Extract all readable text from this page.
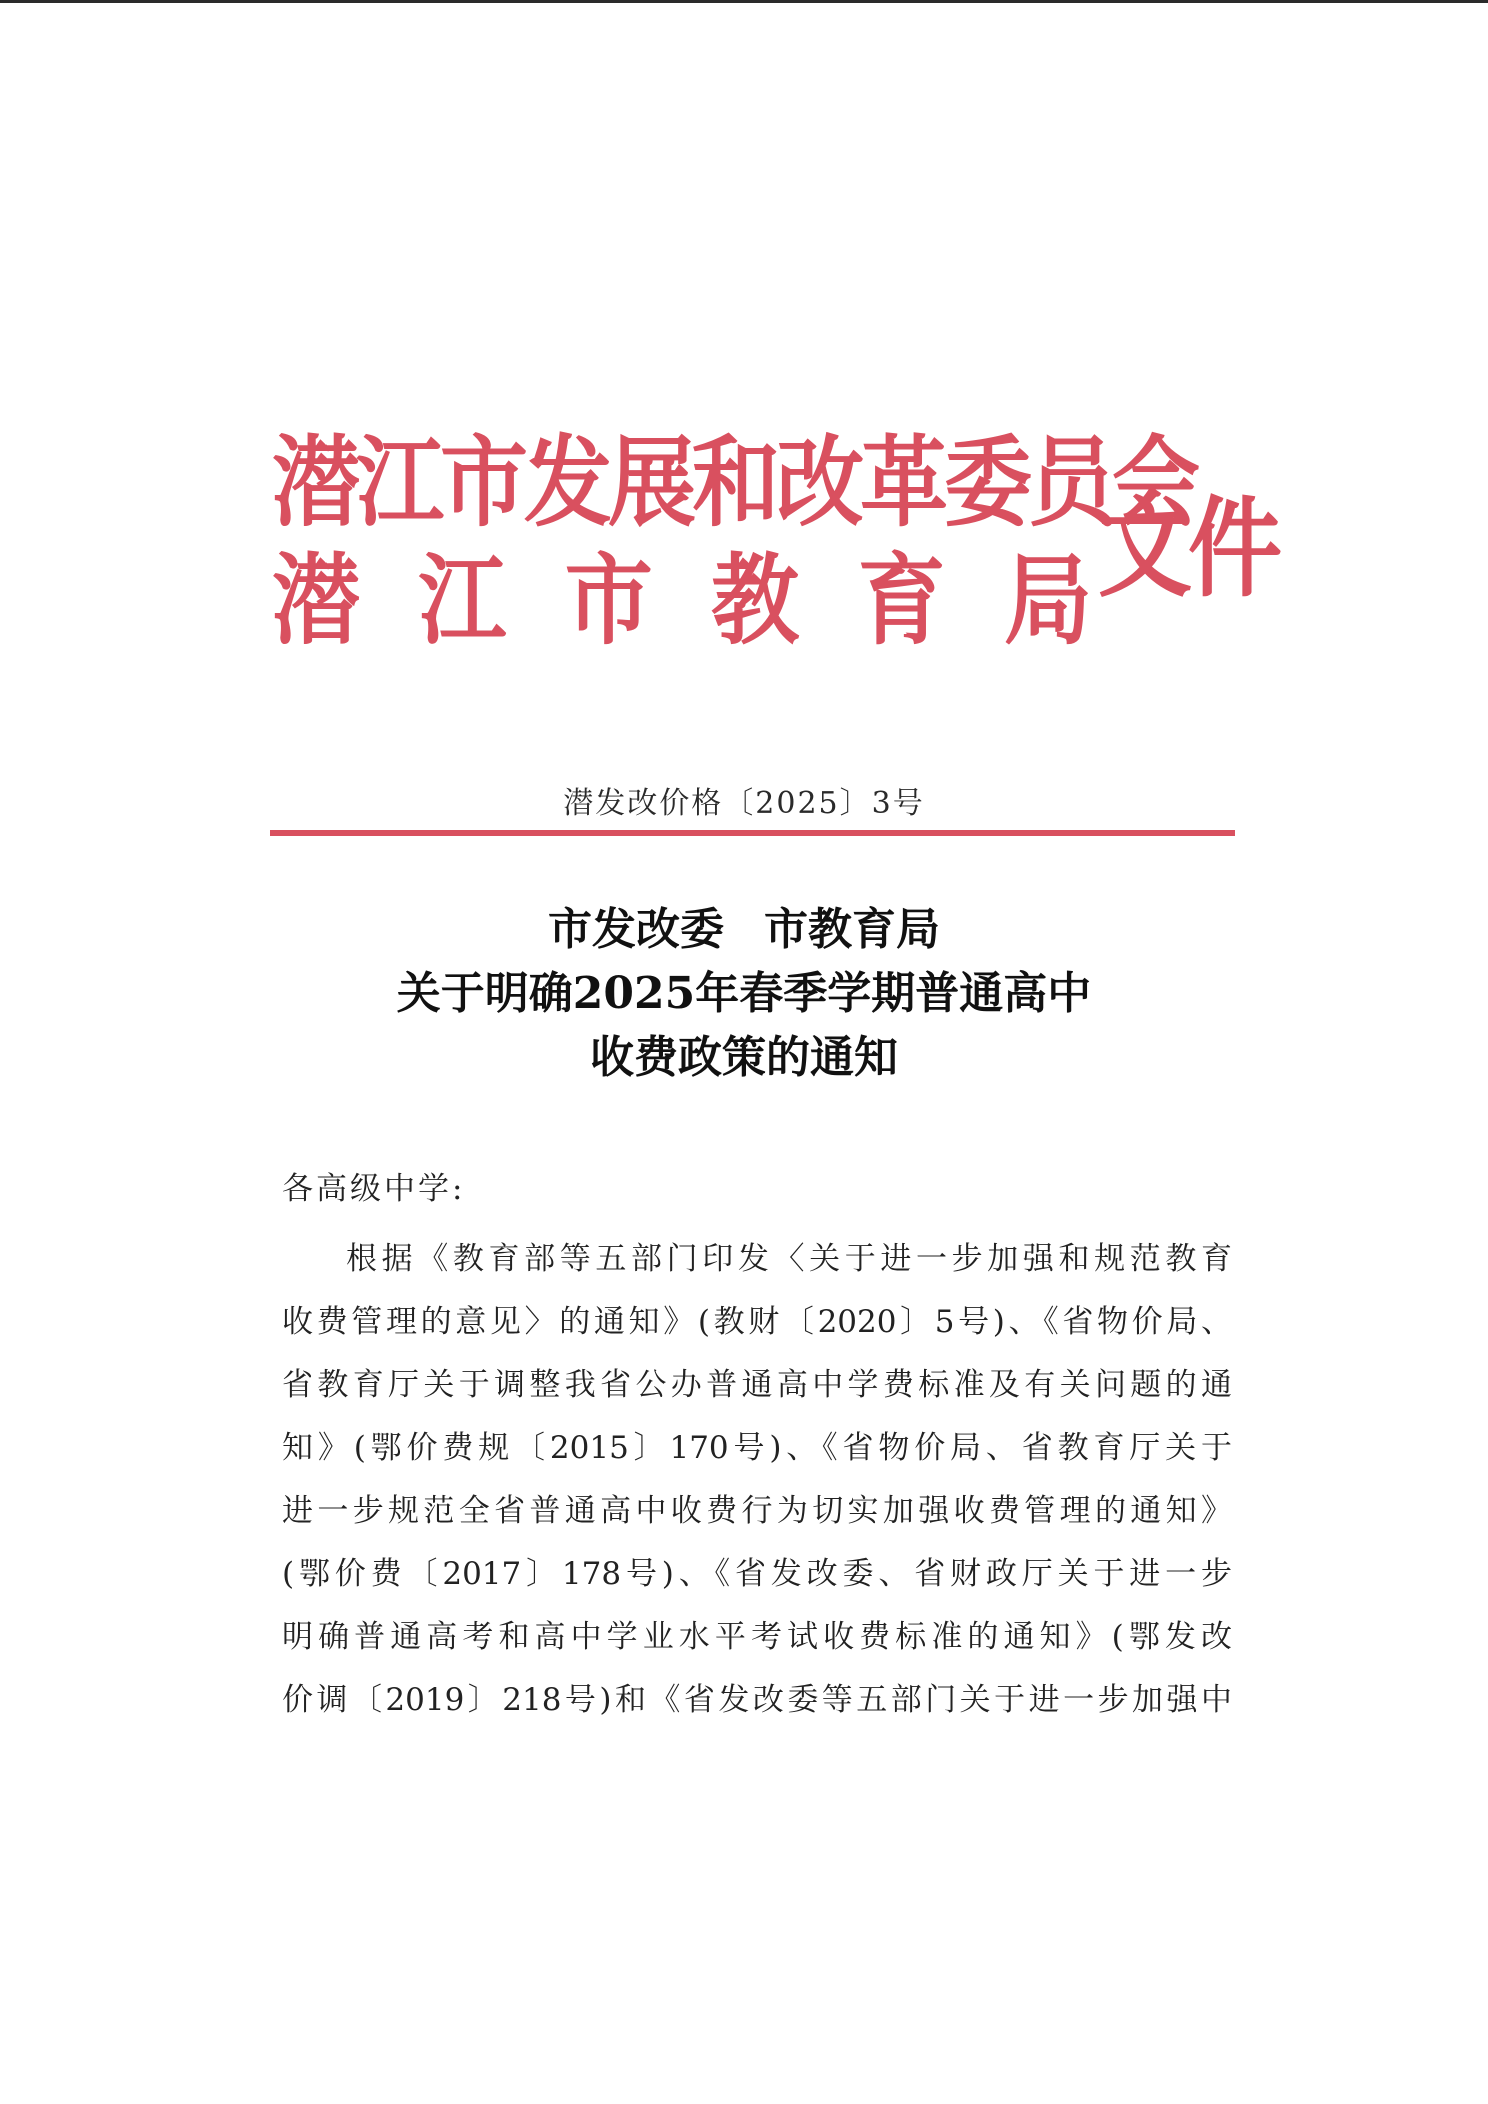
潜江市发展和改革委员会
潜 江 市 教 育 局 文件
潜发改价格〔2025〕3号
市发改委 市教育局
关于明确2025年春季学期普通高中
收费政策的通知
各高级中学:
根据《教育部等五部门印发〈关于进一步加强和规范教育
收费管理的意见〉的通知》(教财〔2020〕5号)、《省物价局、
省教育厅关于调整我省公办普通高中学费标准及有关问题的通
知》(鄂价费规〔2015〕170号)、《省物价局、省教育厅关于
进一步规范全省普通高中收费行为切实加强收费管理的通知》
(鄂价费〔2017〕178号)、《省发改委、省财政厅关于进一步
明确普通高考和高中学业水平考试收费标准的通知》(鄂发改
价调〔2019〕218号)和《省发改委等五部门关于进一步加强中
